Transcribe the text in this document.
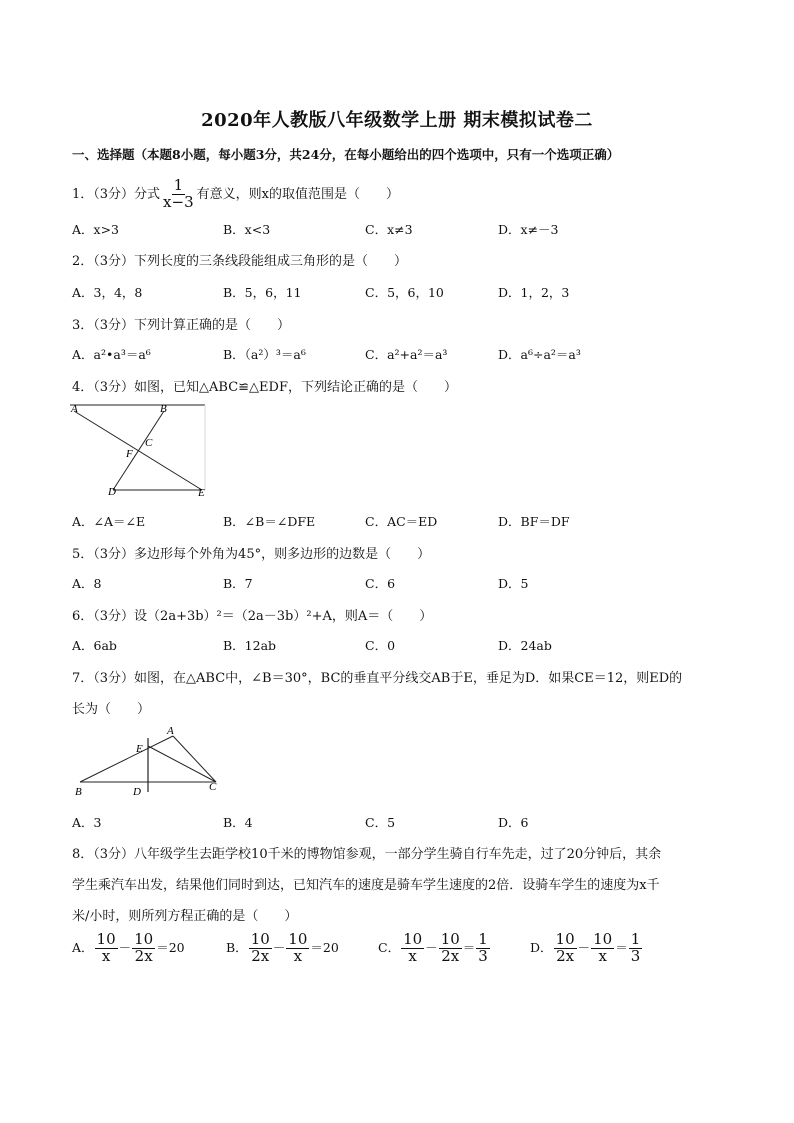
2020年人教版八年级数学上册 期末模拟试卷二
一、选择题（本题8小题，每小题3分，共24分，在每小题给出的四个选项中，只有一个选项正确）
1．（3分）分式 $\frac{1}{x-3}$ 有意义，则x的取值范围是（　　）
A．x>3	B．x<3	C．x≠3	D．x≠－3
2．（3分）下列长度的三条线段能组成三角形的是（　　）
A．3，4，8	B．5，6，11	C．5，6，10	D．1，2，3
3．（3分）下列计算正确的是（　　）
A．a²•a³＝a⁶	B．（a²）³＝a⁶	C．a²+a²＝a³	D．a⁶÷a²＝a³
4．（3分）如图，已知△ABC≌△EDF，下列结论正确的是（　　）
A	B
C
F
D	E
A．∠A＝∠E	B．∠B＝∠DFE	C．AC＝ED	D．BF＝DF
5．（3分）多边形每个外角为45°，则多边形的边数是（　　）
A．8	B．7	C．6	D．5
6．（3分）设（2a+3b）²＝（2a－3b）²+A，则A＝（　　）
A．6ab	B．12ab	C．0	D．24ab
7．（3分）如图，在△ABC中，∠B＝30°，BC的垂直平分线交AB于E，垂足为D．如果CE＝12，则ED的
长为（　　）
A
E
B	D	C
A．3	B．4	C．5	D．6
8．（3分）八年级学生去距学校10千米的博物馆参观，一部分学生骑自行车先走，过了20分钟后，其余
学生乘汽车出发，结果他们同时到达，已知汽车的速度是骑车学生速度的2倍．设骑车学生的速度为x千
米/小时，则所列方程正确的是（　　）
A． $\frac{10}{x} - \frac{10}{2x} =20$	B． $\frac{10}{2x} - \frac{10}{x} =20$	C． $\frac{10}{x} - \frac{10}{2x} = \frac{1}{3}$	D． $\frac{10}{2x} - \frac{10}{x} = \frac{1}{3}$
